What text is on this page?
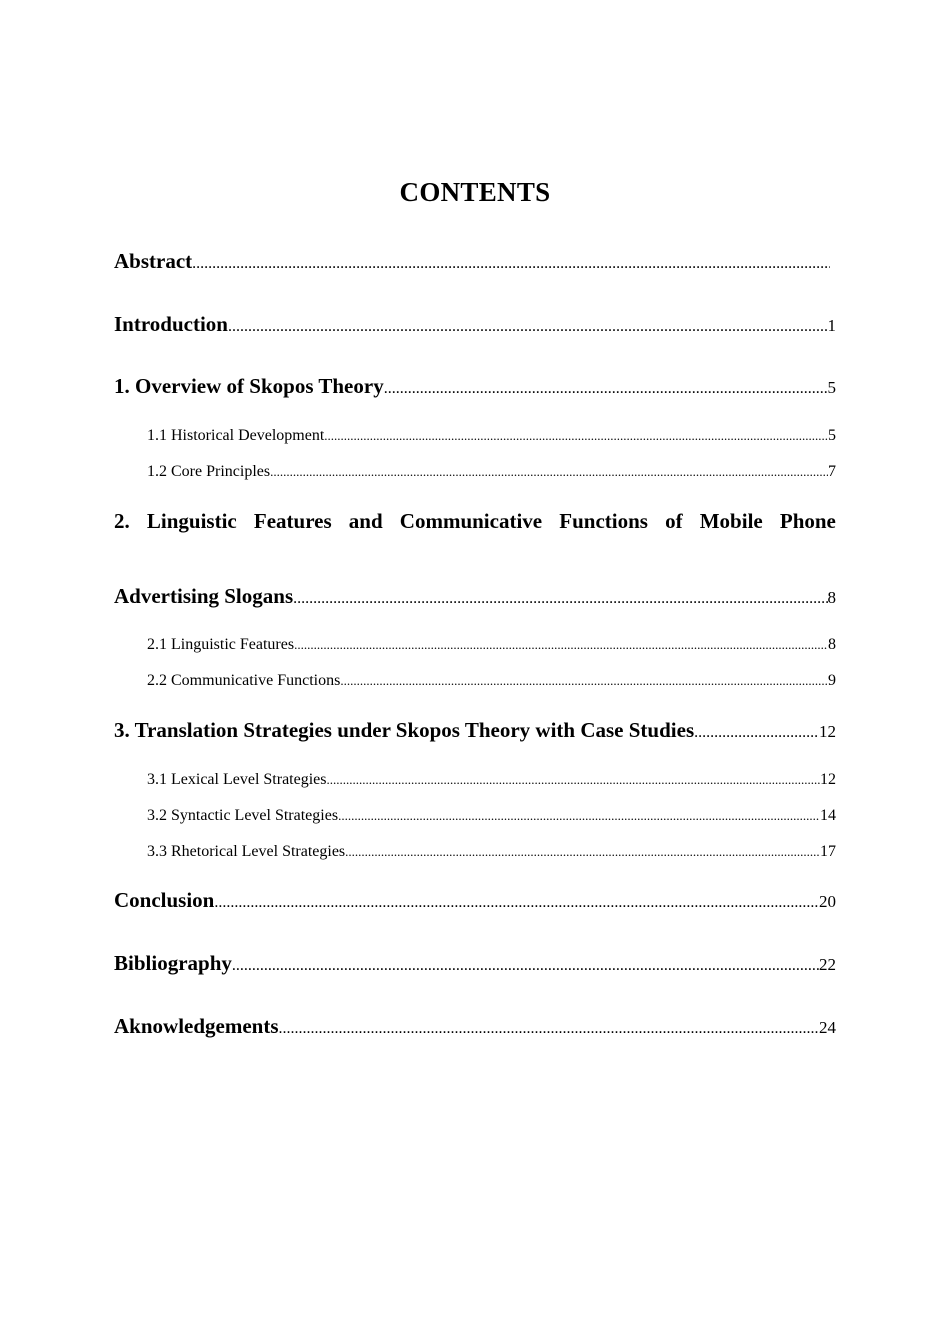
CONTENTS
Abstract
.....
Introduction .....	1
1. Overview of Skopos Theory .....	5
1.1 Historical Development .....	5
1.2 Core Principles .....	7
2. Linguistic Features and Communicative Functions of Mobile Phone
Advertising Slogans .....	8
2.1 Linguistic Features .....	8
2.2 Communicative Functions .....	9
3. Translation Strategies under Skopos Theory with Case Studies .....	12
3.1 Lexical Level Strategies .....	12
3.2 Syntactic Level Strategies .....	14
3.3 Rhetorical Level Strategies .....	17
Conclusion .....	20
Bibliography .....	22
Aknowledgements .....	24
